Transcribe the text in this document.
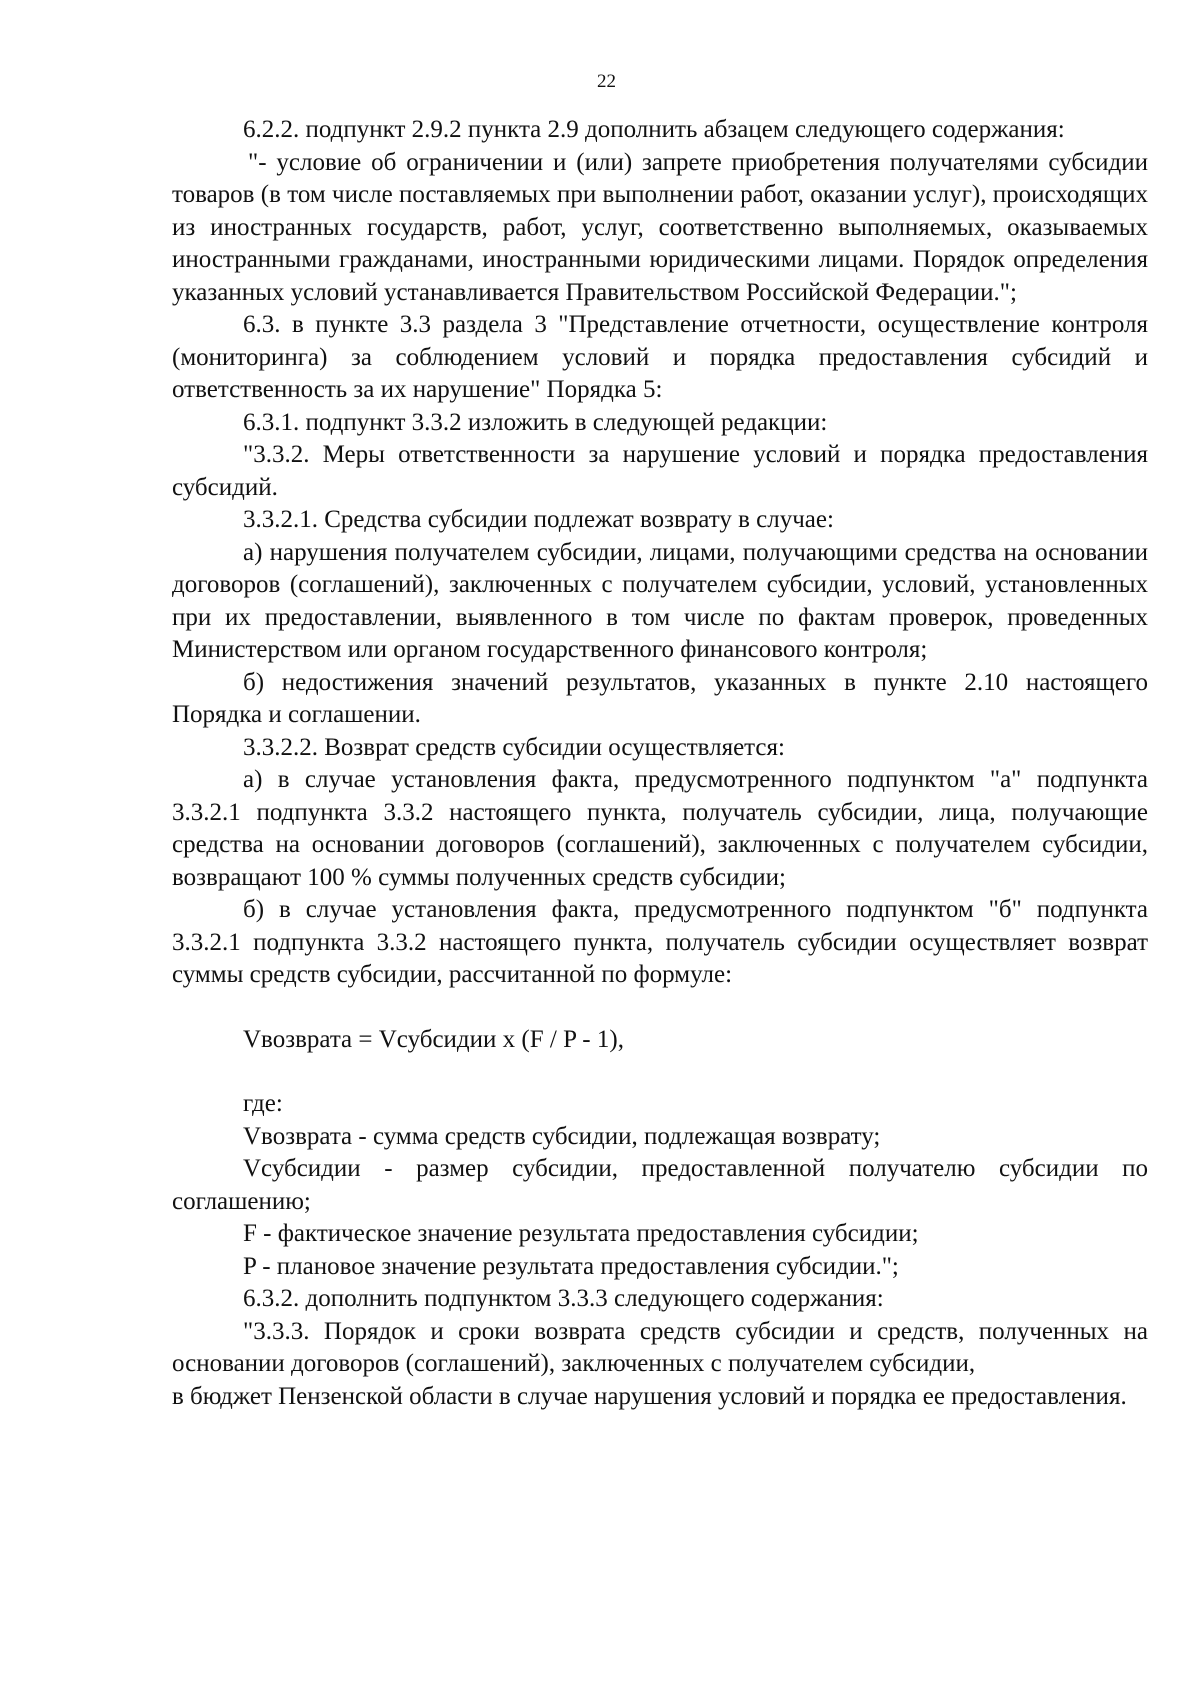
22

6.2.2. подпункт 2.9.2 пункта 2.9 дополнить абзацем следующего содержания:

"- условие об ограничении и (или) запрете приобретения получателями субсидии товаров (в том числе поставляемых при выполнении работ, оказании услуг), происходящих из иностранных государств, работ, услуг, соответственно выполняемых, оказываемых иностранными гражданами, иностранными юридическими лицами. Порядок определения указанных условий устанавливается Правительством Российской Федерации.";

6.3. в пункте 3.3 раздела 3 "Представление отчетности, осуществление контроля (мониторинга) за соблюдением условий и порядка предоставления субсидий и ответственность за их нарушение" Порядка 5:

6.3.1. подпункт 3.3.2 изложить в следующей редакции:

"3.3.2. Меры ответственности за нарушение условий и порядка предоставления субсидий.

3.3.2.1. Средства субсидии подлежат возврату в случае:

а) нарушения получателем субсидии, лицами, получающими средства на основании договоров (соглашений), заключенных с получателем субсидии, условий, установленных при их предоставлении, выявленного в том числе по фактам проверок, проведенных Министерством или органом государственного финансового контроля;

б) недостижения значений результатов, указанных в пункте 2.10 настоящего Порядка и соглашении.

3.3.2.2. Возврат средств субсидии осуществляется:

а) в случае установления факта, предусмотренного подпунктом "а" подпункта 3.3.2.1 подпункта 3.3.2 настоящего пункта, получатель субсидии, лица, получающие средства на основании договоров (соглашений), заключенных с получателем субсидии, возвращают 100 % суммы полученных средств субсидии;

б) в случае установления факта, предусмотренного подпунктом "б" подпункта 3.3.2.1 подпункта 3.3.2 настоящего пункта, получатель субсидии осуществляет возврат суммы средств субсидии, рассчитанной по формуле:

Vвозврата = Vсубсидии x (F / P - 1),

где:

Vвозврата - сумма средств субсидии, подлежащая возврату;

Vсубсидии - размер субсидии, предоставленной получателю субсидии по соглашению;

F - фактическое значение результата предоставления субсидии;

P - плановое значение результата предоставления субсидии.";

6.3.2. дополнить подпунктом 3.3.3 следующего содержания:

"3.3.3. Порядок и сроки возврата средств субсидии и средств, полученных на основании договоров (соглашений), заключенных с получателем субсидии,

в бюджет Пензенской области в случае нарушения условий и порядка ее предоставления.
